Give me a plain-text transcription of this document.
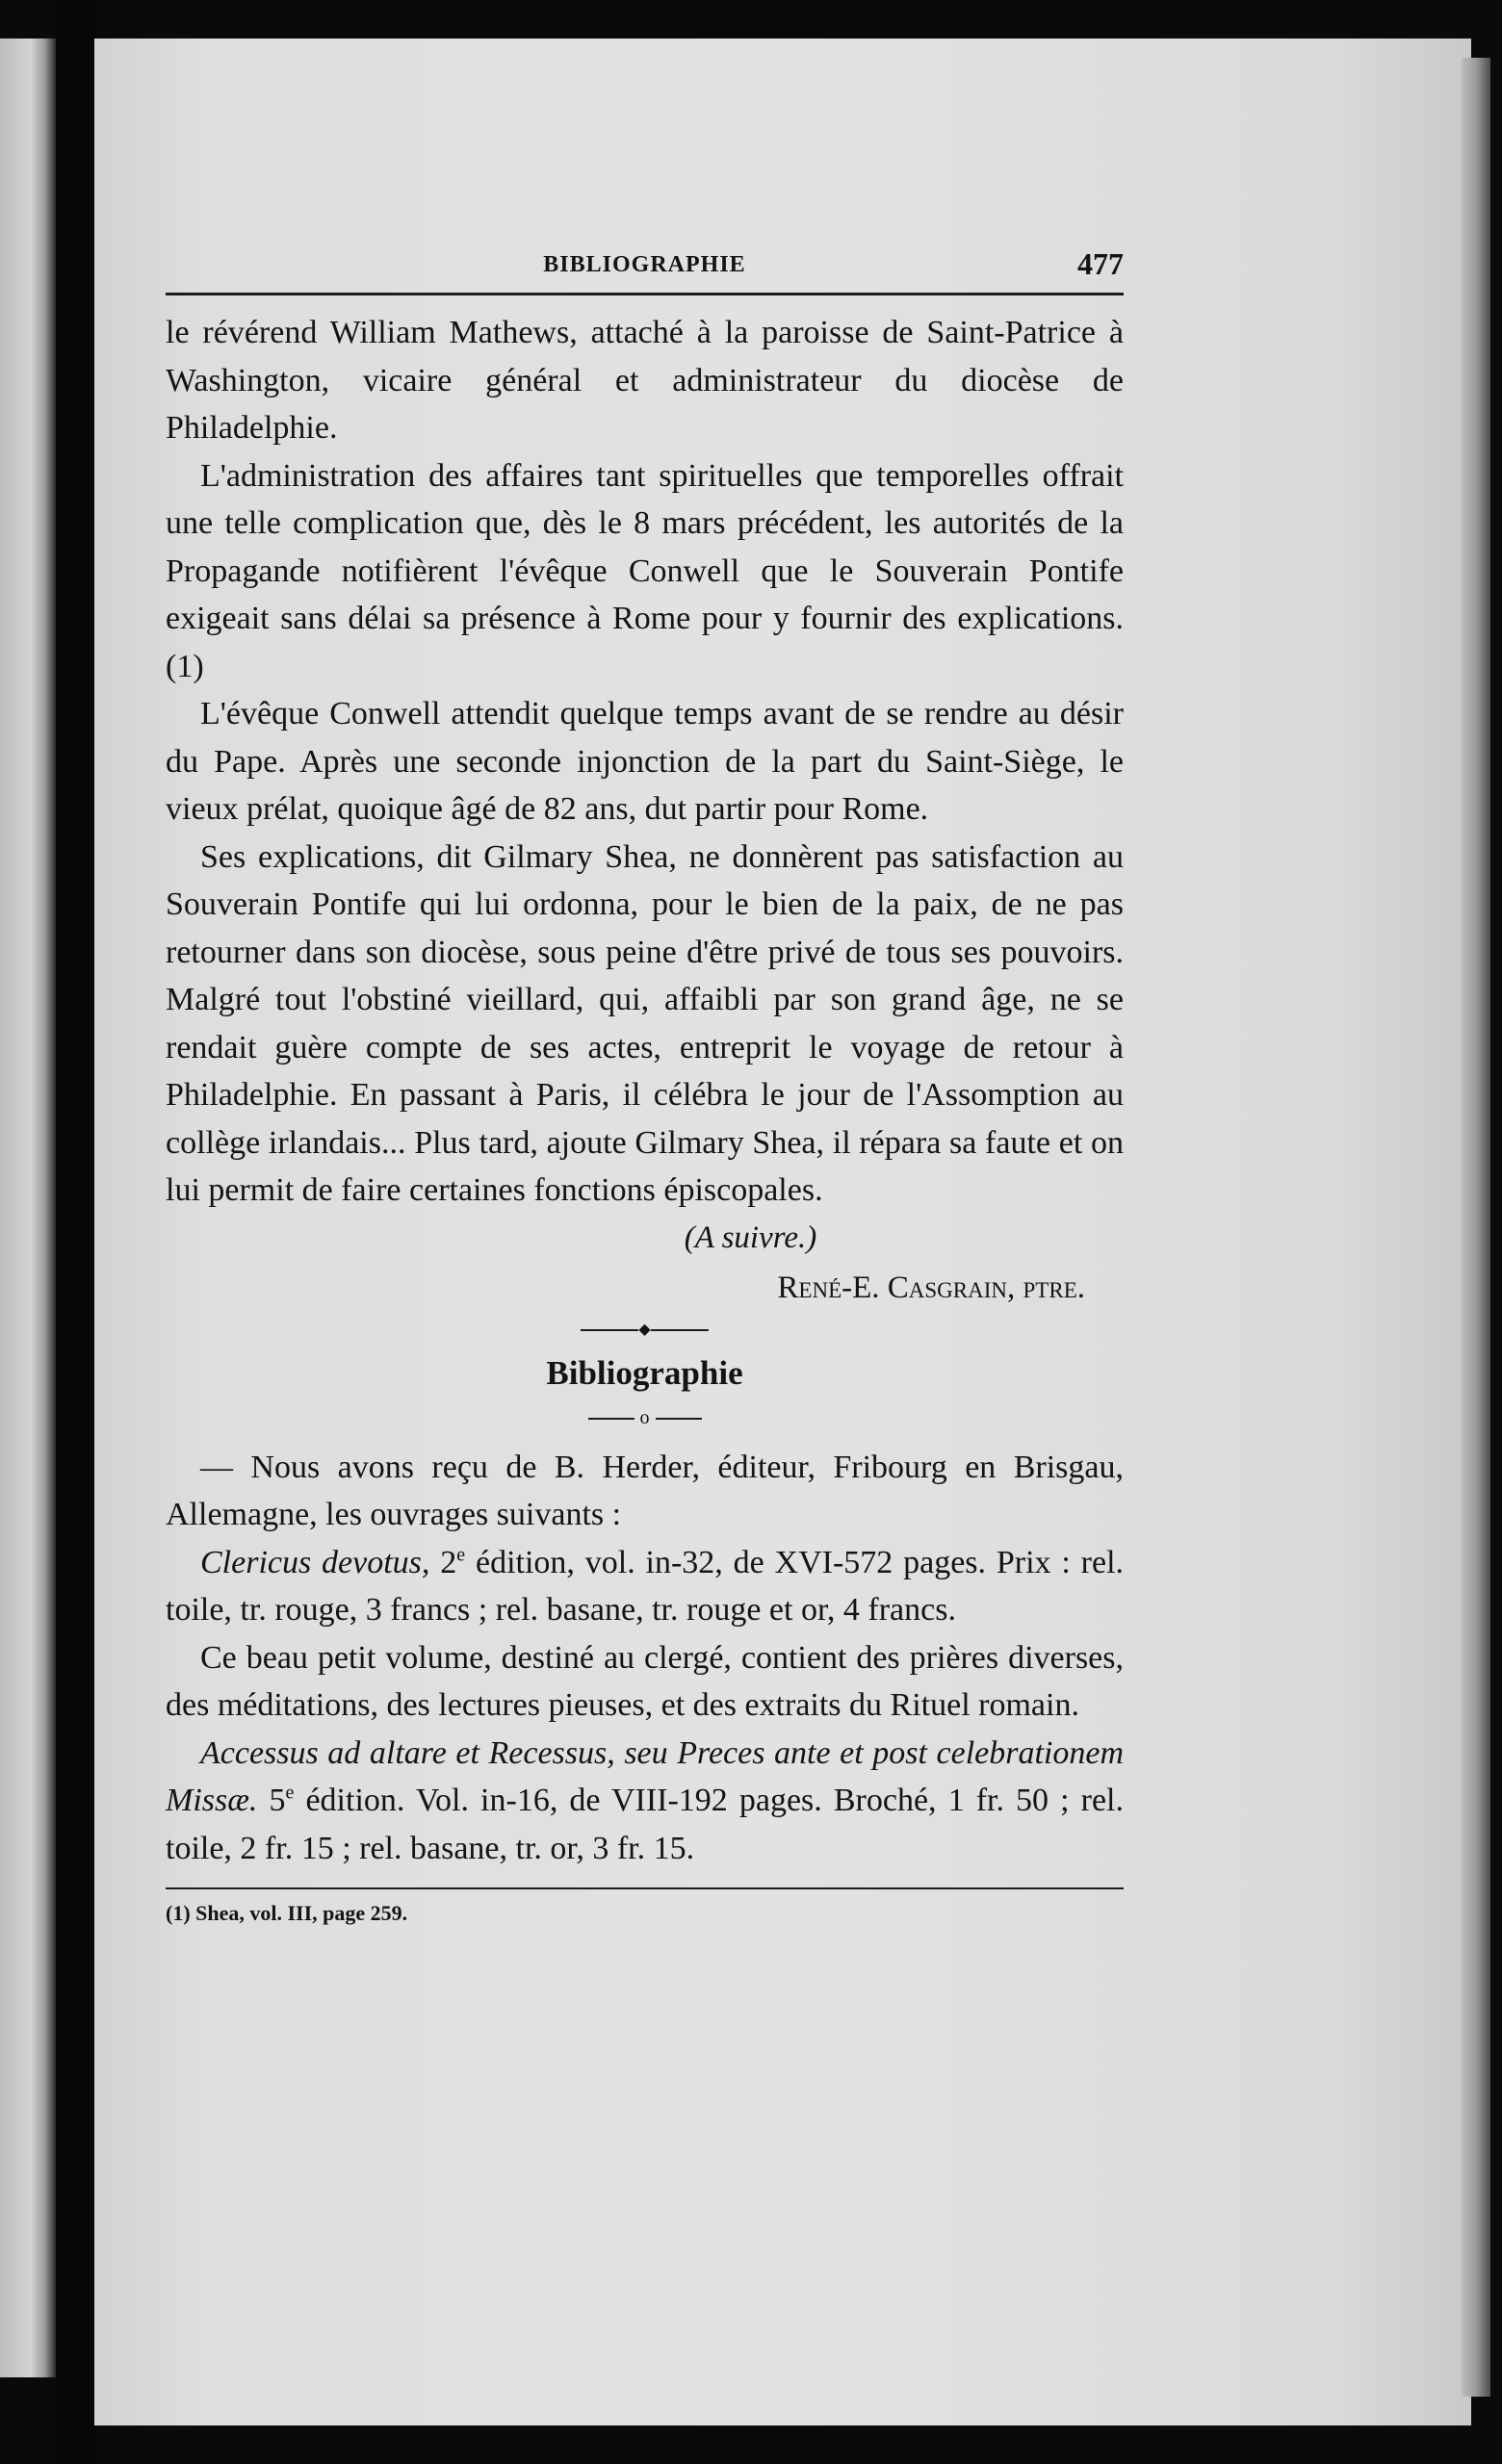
BIBLIOGRAPHIE	477

le révérend William Mathews, attaché à la paroisse de Saint-Patrice à Washington, vicaire général et administrateur du diocèse de Philadelphie.

L'administration des affaires tant spirituelles que temporelles offrait une telle complication que, dès le 8 mars précédent, les autorités de la Propagande notifièrent l'évêque Conwell que le Souverain Pontife exigeait sans délai sa présence à Rome pour y fournir des explications. (1)

L'évêque Conwell attendit quelque temps avant de se rendre au désir du Pape. Après une seconde injonction de la part du Saint-Siège, le vieux prélat, quoique âgé de 82 ans, dut partir pour Rome.

Ses explications, dit Gilmary Shea, ne donnèrent pas satisfaction au Souverain Pontife qui lui ordonna, pour le bien de la paix, de ne pas retourner dans son diocèse, sous peine d'être privé de tous ses pouvoirs. Malgré tout l'obstiné vieillard, qui, affaibli par son grand âge, ne se rendait guère compte de ses actes, entreprit le voyage de retour à Philadelphie. En passant à Paris, il célébra le jour de l'Assomption au collège irlandais... Plus tard, ajoute Gilmary Shea, il répara sa faute et on lui permit de faire certaines fonctions épiscopales.

(A suivre.)

René-E. Casgrain, ptre.

◆
Bibliographie
o

— Nous avons reçu de B. Herder, éditeur, Fribourg en Brisgau, Allemagne, les ouvrages suivants :

Clericus devotus, 2e édition, vol. in-32, de XVI-572 pages. Prix : rel. toile, tr. rouge, 3 francs ; rel. basane, tr. rouge et or, 4 francs.

Ce beau petit volume, destiné au clergé, contient des prières diverses, des méditations, des lectures pieuses, et des extraits du Rituel romain.

Accessus ad altare et Recessus, seu Preces ante et post celebrationem Missæ. 5e édition. Vol. in-16, de VIII-192 pages. Broché, 1 fr. 50 ; rel. toile, 2 fr. 15 ; rel. basane, tr. or, 3 fr. 15.

(1) Shea, vol. III, page 259.
